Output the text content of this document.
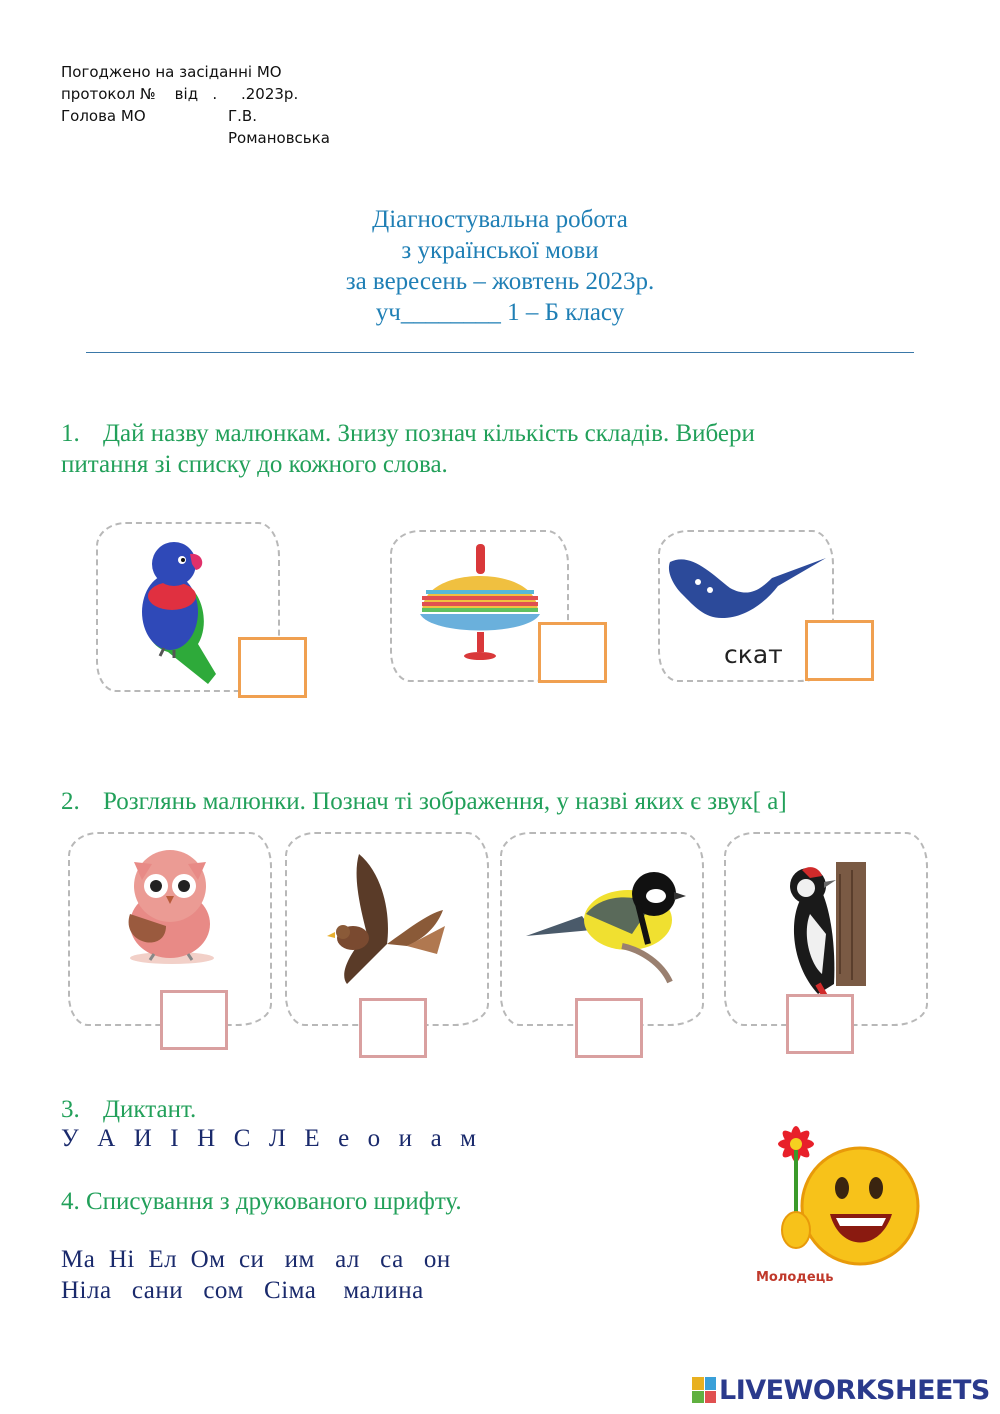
Погоджено на засіданні МО
протокол №    від   .     .2023р.
Голова МО	Г.В. Романовська
Діагностувальна робота
з української мови
за вересень – жовтень 2023р.
уч________ 1 – Б класу
1. Дай назву малюнкам. Знизу познач кількість складів. Вибери
питання зі списку до кожного слова.
скат
2. Розглянь малюнки. Познач ті зображення, у назві яких є звук[ а]
3. Диктант.
У  А  И  І  Н  С  Л  Е  е  о  и  а  м
4. Списування з друкованого шрифту.
Ма  Ні  Ел  Ом  си   им   ал   са   он
Ніла   сани   сом   Сіма    малина	Молодець
LIVEWORKSHEETS
